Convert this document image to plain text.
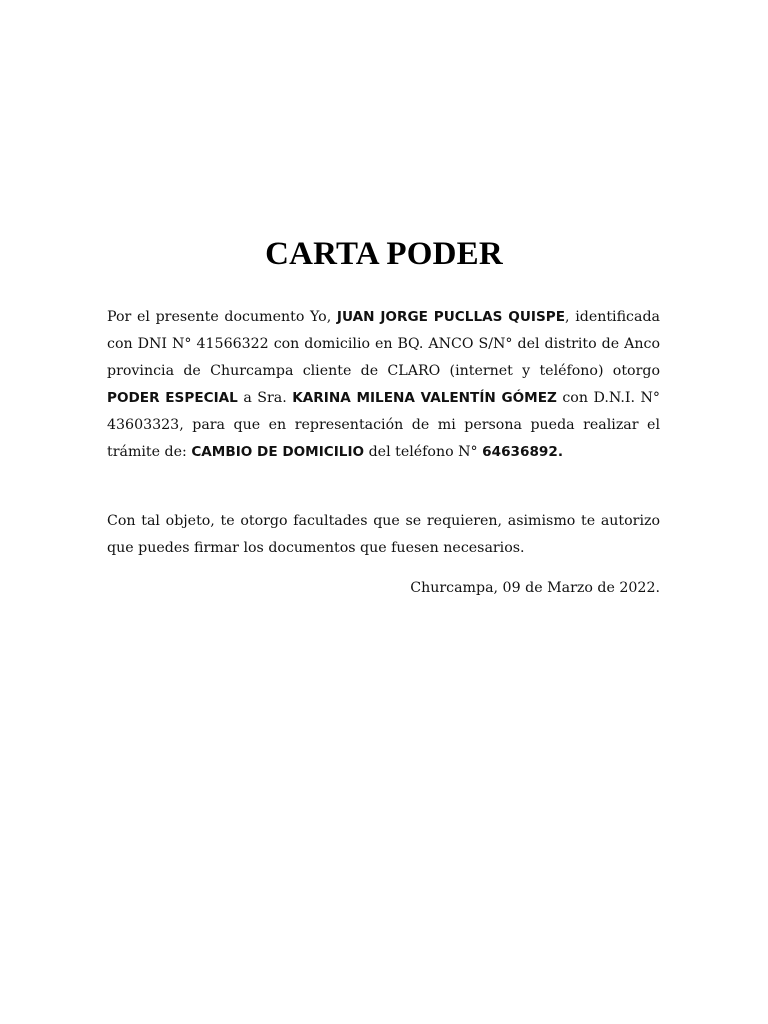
CARTA PODER

Por el presente documento Yo, JUAN JORGE PUCLLAS QUISPE, identificada con DNI N° 41566322 con domicilio en BQ. ANCO S/N° del distrito de Anco provincia de Churcampa cliente de CLARO (internet y teléfono) otorgo PODER ESPECIAL a Sra. KARINA MILENA VALENTÍN GÓMEZ con D.N.I. N° 43603323, para que en representación de mi persona pueda realizar el trámite de: CAMBIO DE DOMICILIO del teléfono N° 64636892.

Con tal objeto, te otorgo facultades que se requieren, asimismo te autorizo que puedes firmar los documentos que fuesen necesarios.

Churcampa, 09 de Marzo de 2022.
